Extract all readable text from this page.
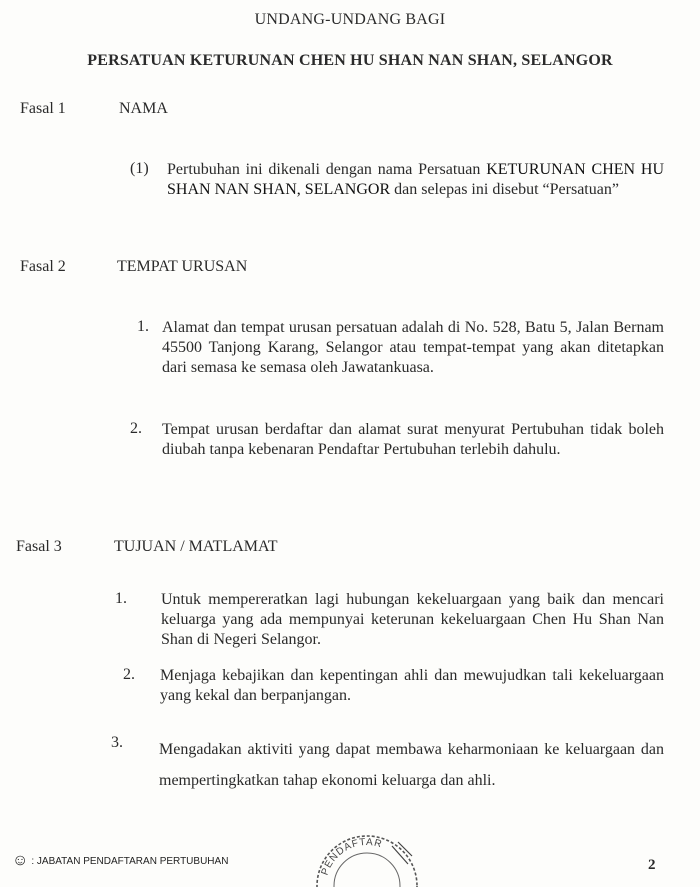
UNDANG-UNDANG BAGI
PERSATUAN KETURUNAN CHEN HU SHAN NAN SHAN, SELANGOR
Fasal 1	NAMA
(1) Pertubuhan ini dikenali dengan nama Persatuan KETURUNAN CHEN HU SHAN NAN SHAN, SELANGOR dan selepas ini disebut “Persatuan”
Fasal 2	TEMPAT URUSAN
1. Alamat dan tempat urusan persatuan adalah di No. 528, Batu 5, Jalan Bernam 45500 Tanjong Karang, Selangor atau tempat-tempat yang akan ditetapkan dari semasa ke semasa oleh Jawatankuasa.
2. Tempat urusan berdaftar dan alamat surat menyurat Pertubuhan tidak boleh diubah tanpa kebenaran Pendaftar Pertubuhan terlebih dahulu.
Fasal 3	TUJUAN / MATLAMAT
1. Untuk mempereratkan lagi hubungan kekeluargaan yang baik dan mencari keluarga yang ada mempunyai keterunan kekeluargaan Chen Hu Shan Nan Shan di Negeri Selangor.
2. Menjaga kebajikan dan kepentingan ahli dan mewujudkan tali kekeluargaan yang kekal dan berpanjangan.
3. Mengadakan aktiviti yang dapat membawa keharmoniaan ke keluargaan dan mempertingkatkan tahap ekonomi keluarga dan ahli.
☺ : JABATAN PENDAFTARAN PERTUBUHAN
PENDAFTAR
2
